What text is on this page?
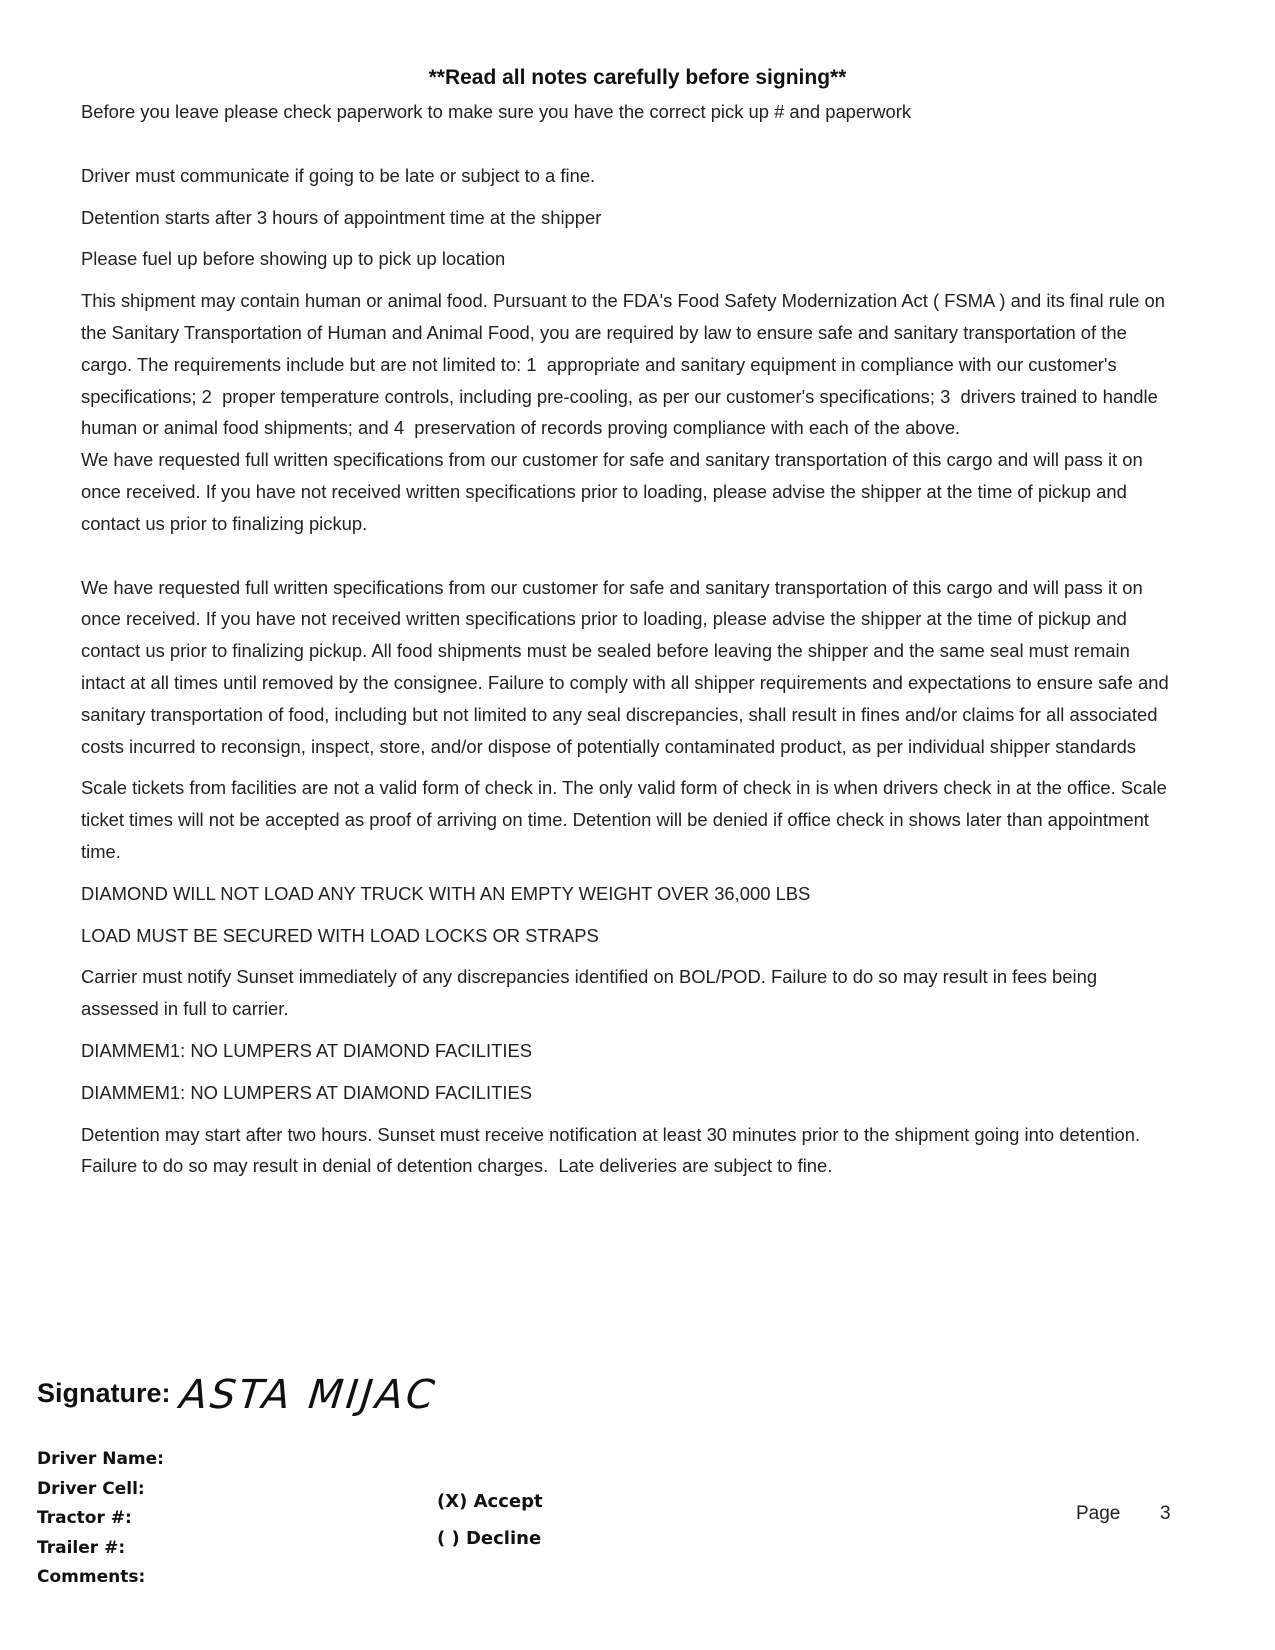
**Read all notes carefully before signing**

Before you leave please check paperwork to make sure you have the correct pick up # and paperwork

Driver must communicate if going to be late or subject to a fine.

Detention starts after 3 hours of appointment time at the shipper

Please fuel up before showing up to pick up location

This shipment may contain human or animal food. Pursuant to the FDA's Food Safety Modernization Act ( FSMA ) and its final rule on the Sanitary Transportation of Human and Animal Food, you are required by law to ensure safe and sanitary transportation of the cargo. The requirements include but are not limited to: 1  appropriate and sanitary equipment in compliance with our customer's specifications; 2  proper temperature controls, including pre-cooling, as per our customer's specifications; 3  drivers trained to handle human or animal food shipments; and 4  preservation of records proving compliance with each of the above.

We have requested full written specifications from our customer for safe and sanitary transportation of this cargo and will pass it on once received. If you have not received written specifications prior to loading, please advise the shipper at the time of pickup and contact us prior to finalizing pickup.

We have requested full written specifications from our customer for safe and sanitary transportation of this cargo and will pass it on once received. If you have not received written specifications prior to loading, please advise the shipper at the time of pickup and contact us prior to finalizing pickup. All food shipments must be sealed before leaving the shipper and the same seal must remain intact at all times until removed by the consignee. Failure to comply with all shipper requirements and expectations to ensure safe and sanitary transportation of food, including but not limited to any seal discrepancies, shall result in fines and/or claims for all associated costs incurred to reconsign, inspect, store, and/or dispose of potentially contaminated product, as per individual shipper standards

Scale tickets from facilities are not a valid form of check in. The only valid form of check in is when drivers check in at the office. Scale ticket times will not be accepted as proof of arriving on time. Detention will be denied if office check in shows later than appointment time.

DIAMOND WILL NOT LOAD ANY TRUCK WITH AN EMPTY WEIGHT OVER 36,000 LBS

LOAD MUST BE SECURED WITH LOAD LOCKS OR STRAPS

Carrier must notify Sunset immediately of any discrepancies identified on BOL/POD. Failure to do so may result in fees being assessed in full to carrier.

DIAMMEM1: NO LUMPERS AT DIAMOND FACILITIES

DIAMMEM1: NO LUMPERS AT DIAMOND FACILITIES

Detention may start after two hours. Sunset must receive notification at least 30 minutes prior to the shipment going into detention. Failure to do so may result in denial of detention charges.  Late deliveries are subject to fine.

Signature: ASTA MIJAC
Driver Name:
Driver Cell:
Tractor #:
Trailer #:
Comments:
(X) Accept
( ) Decline
Page 3
